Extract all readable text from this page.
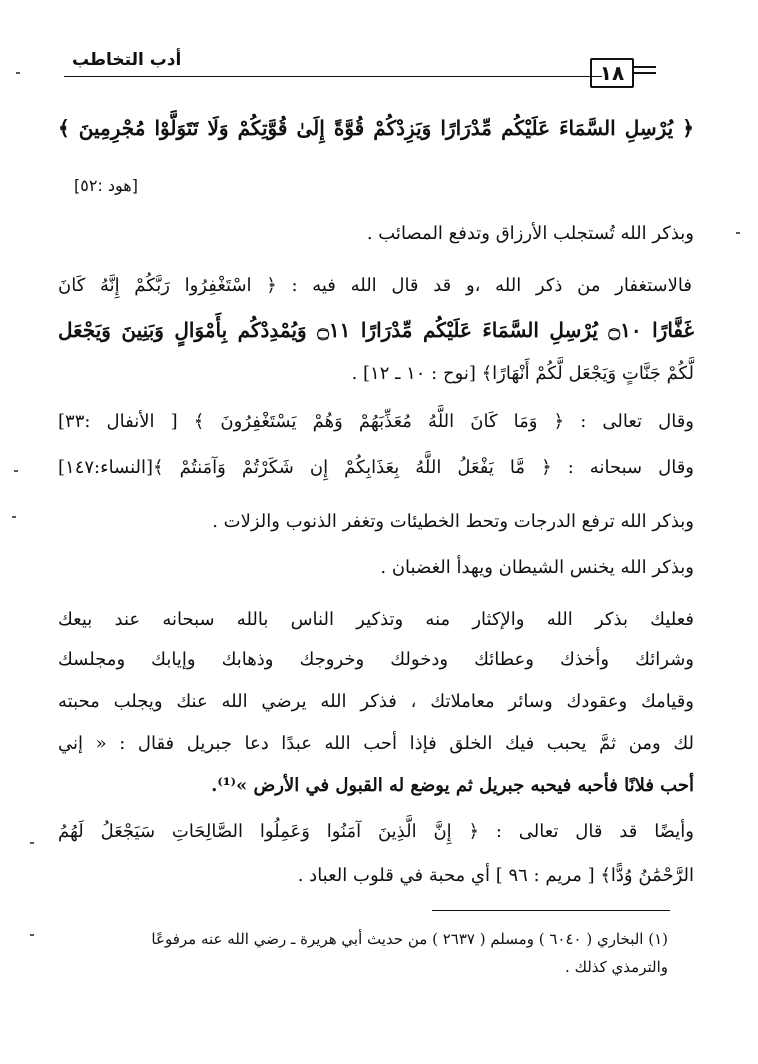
أدب التخاطب
١٨
﴿ يُرْسِلِ السَّمَاءَ عَلَيْكُم مِّدْرَارًا وَيَزِدْكُمْ قُوَّةً إِلَىٰ قُوَّتِكُمْ وَلَا تَتَوَلَّوْا مُجْرِمِينَ ﴾
[هود :٥٢]
وبذكر الله تُستجلب الأرزاق وتدفع المصائب .
فالاستغفار من ذكر الله ،و قد قال الله فيه : ﴿ اسْتَغْفِرُوا رَبَّكُمْ إِنَّهُ كَانَ
غَفَّارًا ۝١٠ يُرْسِلِ السَّمَاءَ عَلَيْكُم مِّدْرَارًا ۝١١ وَيُمْدِدْكُم بِأَمْوَالٍ وَبَنِينَ وَيَجْعَل
لَّكُمْ جَنَّاتٍ وَيَجْعَل لَّكُمْ أَنْهَارًا﴾ [نوح : ١٠ ـ ١٢] .
وقال تعالى : ﴿ وَمَا كَانَ اللَّهُ مُعَذِّبَهُمْ وَهُمْ يَسْتَغْفِرُونَ ﴾ [ الأنفال :٣٣]
وقال سبحانه : ﴿ مَّا يَفْعَلُ اللَّهُ بِعَذَابِكُمْ إِن شَكَرْتُمْ وَآمَنتُمْ ﴾[النساء:١٤٧]
وبذكر الله ترفع الدرجات وتحط الخطيئات وتغفر الذنوب والزلات .
وبذكر الله يخنس الشيطان ويهدأ الغضبان .
فعليك بذكر الله والإكثار منه وتذكير الناس بالله سبحانه عند بيعك
وشرائك وأخذك وعطائك ودخولك وخروجك وذهابك وإيابك ومجلسك
وقيامك وعقودك وسائر معاملاتك ، فذكر الله يرضي الله عنك ويجلب محبته
لك ومن ثمَّ يحبب فيك الخلق فإذا أحب الله عبدًا دعا جبريل فقال : « إني
أحب فلانًا فأحبه فيحبه جبريل ثم يوضع له القبول في الأرض »⁽¹⁾.
وأيضًا قد قال تعالى : ﴿ إِنَّ الَّذِينَ آمَنُوا وَعَمِلُوا الصَّالِحَاتِ سَيَجْعَلُ لَهُمُ
الرَّحْمَٰنُ وُدًّا﴾ [ مريم : ٩٦ ] أي محبة في قلوب العباد .
(١) البخاري ( ٦٠٤٠ ) ومسلم ( ٢٦٣٧ ) من حديث أبي هريرة ـ رضي الله عنه مرفوعًا
والترمذي كذلك .
